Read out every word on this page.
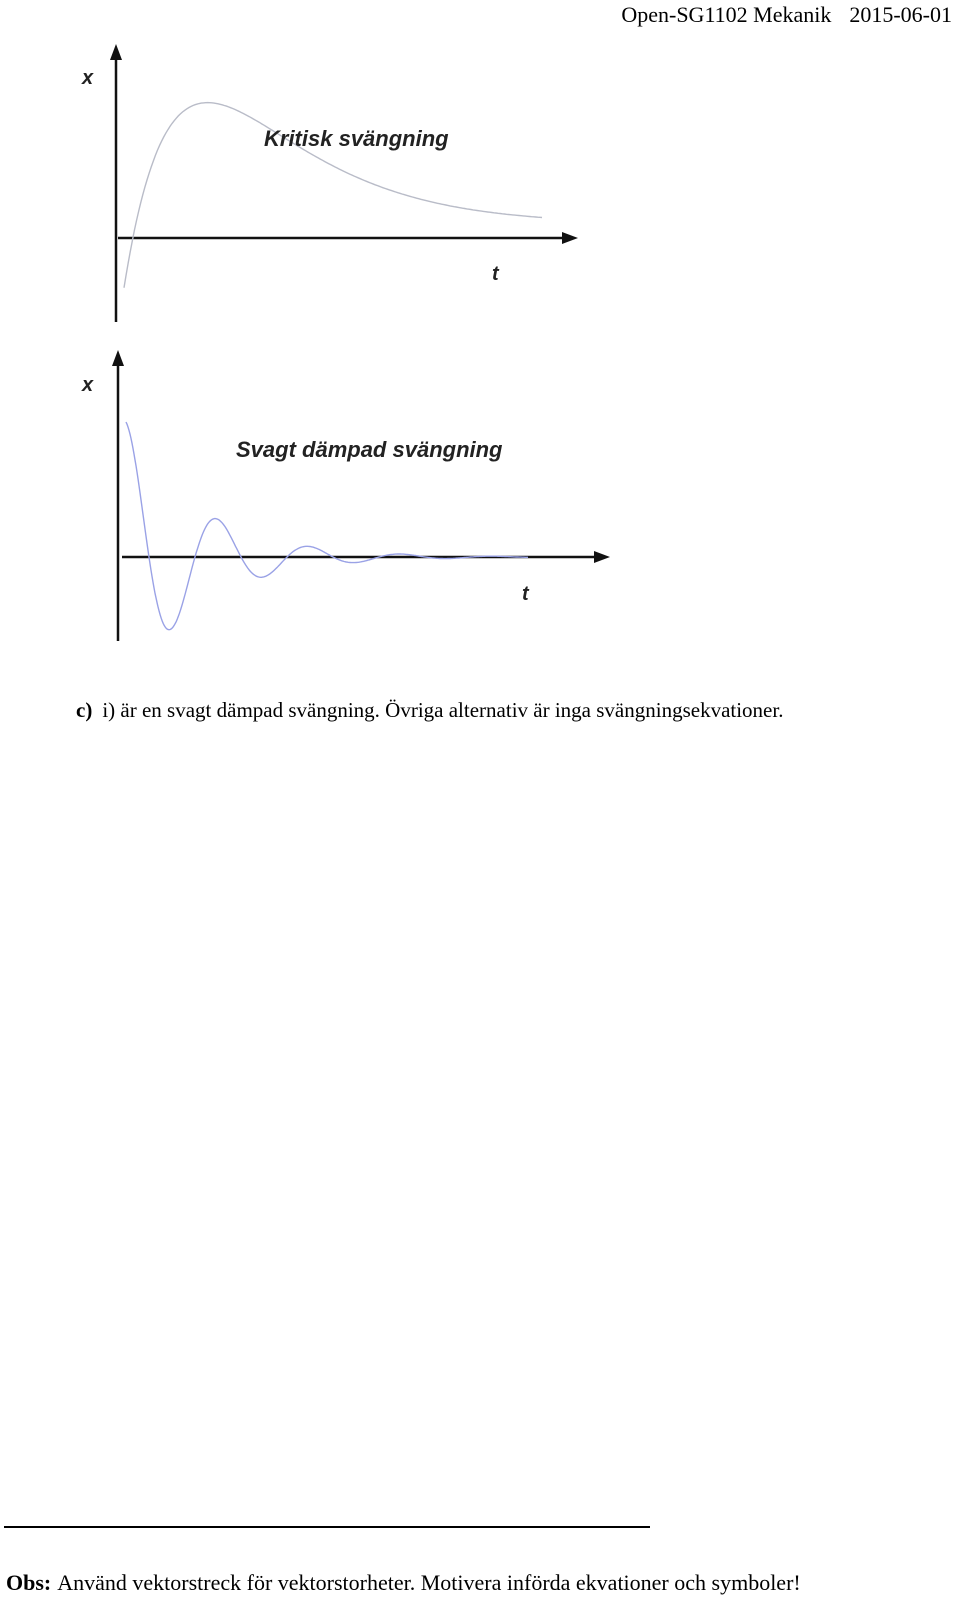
Open-SG1102 Mekanik 2015-06-01
x
t
Kritisk svängning
x
t
Svagt dämpad svängning
c) i) är en svagt dämpad svängning. Övriga alternativ är inga svängningsekvationer.
Obs: Använd vektorstreck för vektorstorheter. Motivera införda ekvationer och symboler!
